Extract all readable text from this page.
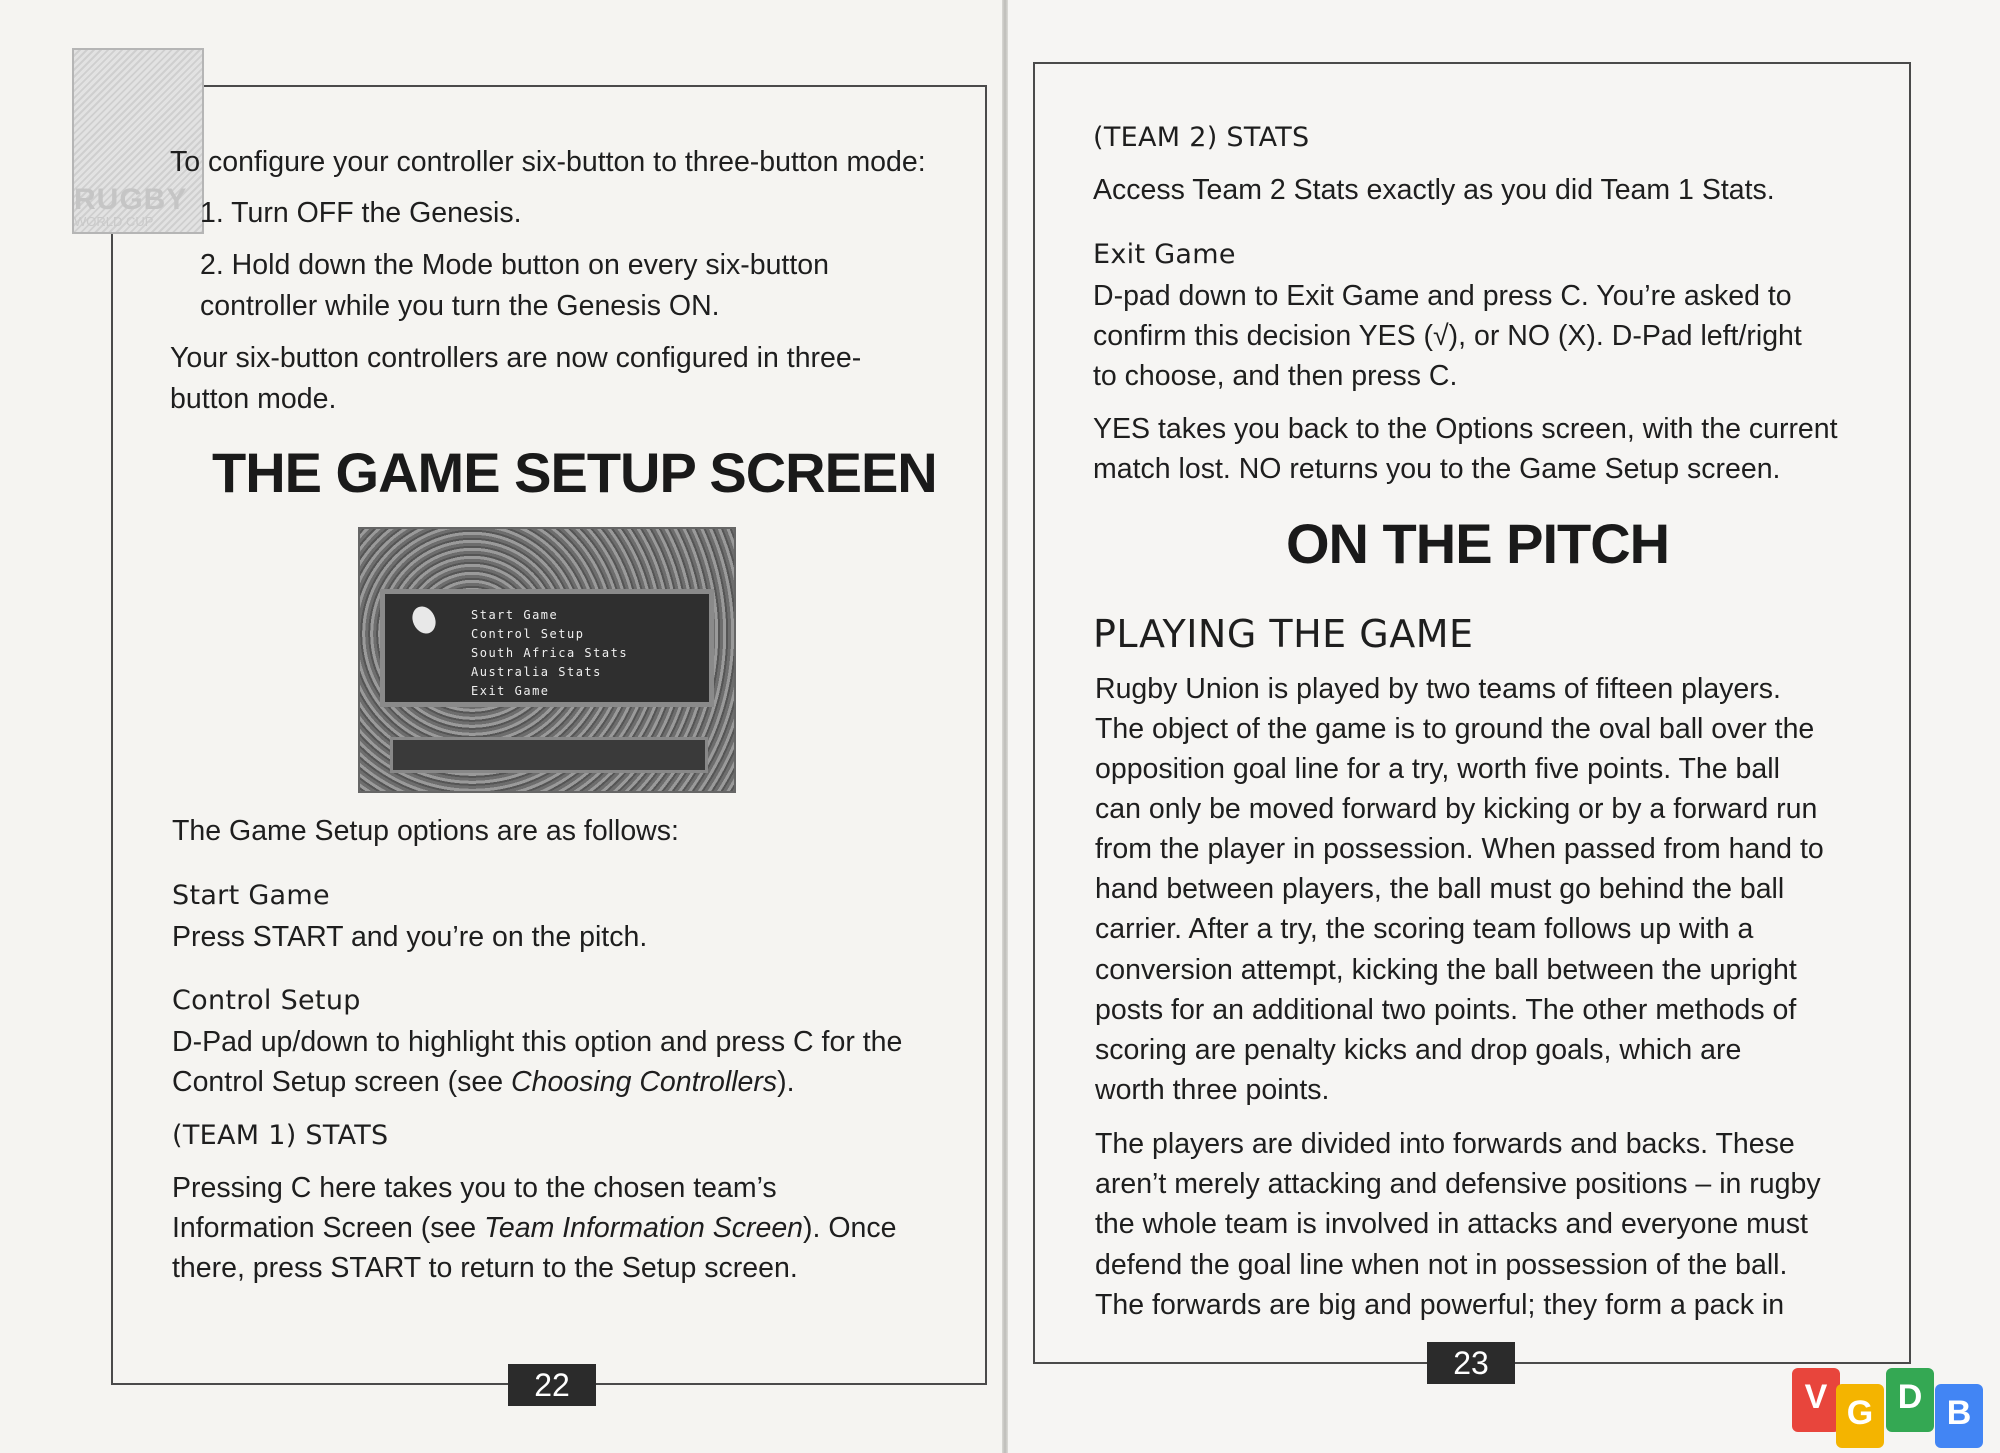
RUGBY
WORLD CUP
To configure your controller six-button to three-button mode:
1. Turn OFF the Genesis.
2. Hold down the Mode button on every six-button
controller while you turn the Genesis ON.
Your six-button controllers are now configured in three-
button mode.
THE GAME SETUP SCREEN
Start Game
Control Setup
South Africa Stats
Australia Stats
Exit Game
The Game Setup options are as follows:
Start Game
Press START and you’re on the pitch.
Control Setup
D-Pad up/down to highlight this option and press C for the
Control Setup screen (see Choosing Controllers).
(TEAM 1) STATS
Pressing C here takes you to the chosen team’s
Information Screen (see Team Information Screen). Once
there, press START to return to the Setup screen.
22
(TEAM 2) STATS
Access Team 2 Stats exactly as you did Team 1 Stats.
Exit Game
D-pad down to Exit Game and press C. You’re asked to
confirm this decision YES (√), or NO (X). D-Pad left/right
to choose, and then press C.
YES takes you back to the Options screen, with the current
match lost. NO returns you to the Game Setup screen.
ON THE PITCH
PLAYING THE GAME
Rugby Union is played by two teams of fifteen players.
The object of the game is to ground the oval ball over the
opposition goal line for a try, worth five points. The ball
can only be moved forward by kicking or by a forward run
from the player in possession. When passed from hand to
hand between players, the ball must go behind the ball
carrier. After a try, the scoring team follows up with a
conversion attempt, kicking the ball between the upright
posts for an additional two points. The other methods of
scoring are penalty kicks and drop goals, which are
worth three points.
The players are divided into forwards and backs. These
aren’t merely attacking and defensive positions – in rugby
the whole team is involved in attacks and everyone must
defend the goal line when not in possession of the ball.
The forwards are big and powerful; they form a pack in
23
V G D B
